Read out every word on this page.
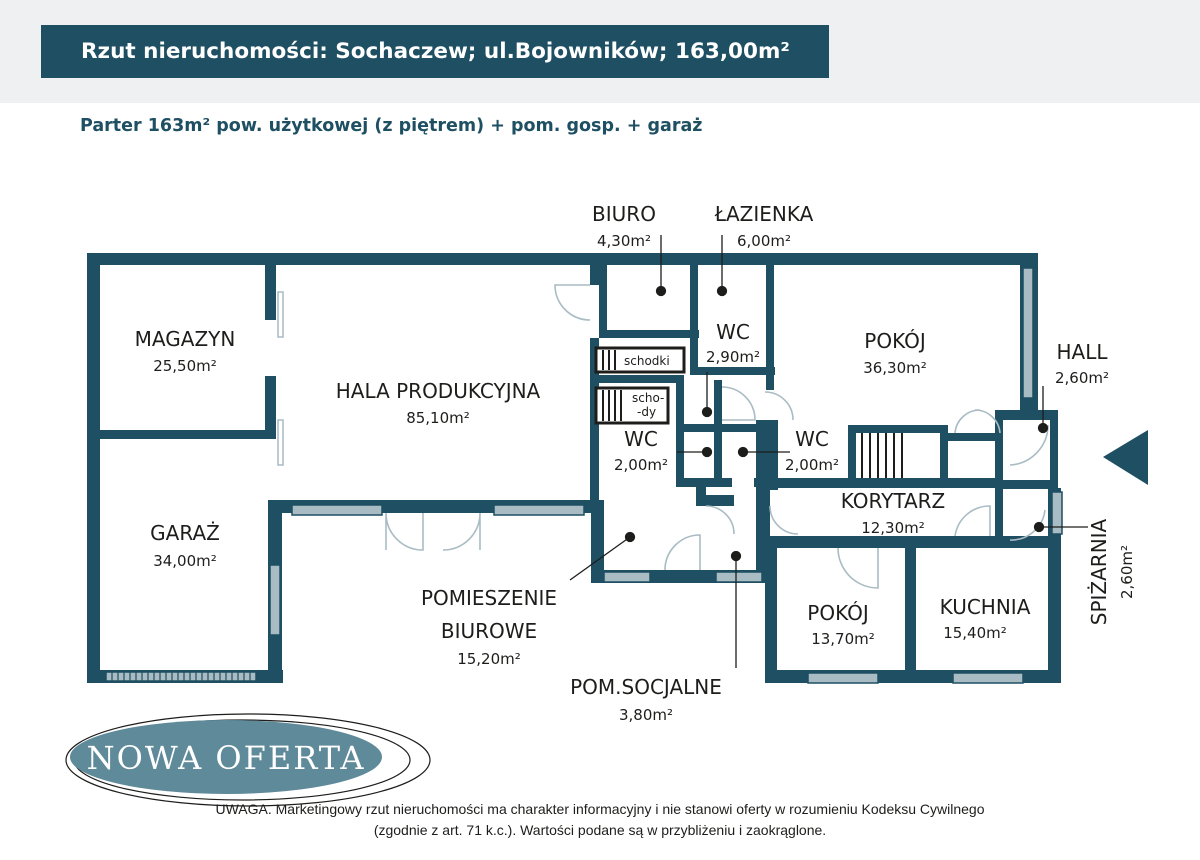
Rzut nieruchomości: Sochaczew; ul.Bojowników; 163,00m²
Parter 163m² pow. użytkowej (z piętrem) + pom. gosp. + garaż
schodki
scho-
-dy
MAGAZYN
25,50m²
GARAŻ
34,00m²
HALA PRODUKCYJNA
85,10m²
BIURO
4,30m²
ŁAZIENKA
6,00m²
WC
2,90m²
WC
2,00m²
WC
2,00m²
POKÓJ
36,30m²
HALL
2,60m²
KORYTARZ
12,30m²
POKÓJ
13,70m²
KUCHNIA
15,40m²
SPIŻARNIA 2,60m²
POMIESZENIE
BIUROWE
15,20m²
POM.SOCJALNE
3,80m²
NOWA OFERTA
UWAGA. Marketingowy rzut nieruchomości ma charakter informacyjny i nie stanowi oferty w rozumieniu Kodeksu Cywilnego
(zgodnie z art. 71 k.c.). Wartości podane są w przybliżeniu i zaokrąglone.
